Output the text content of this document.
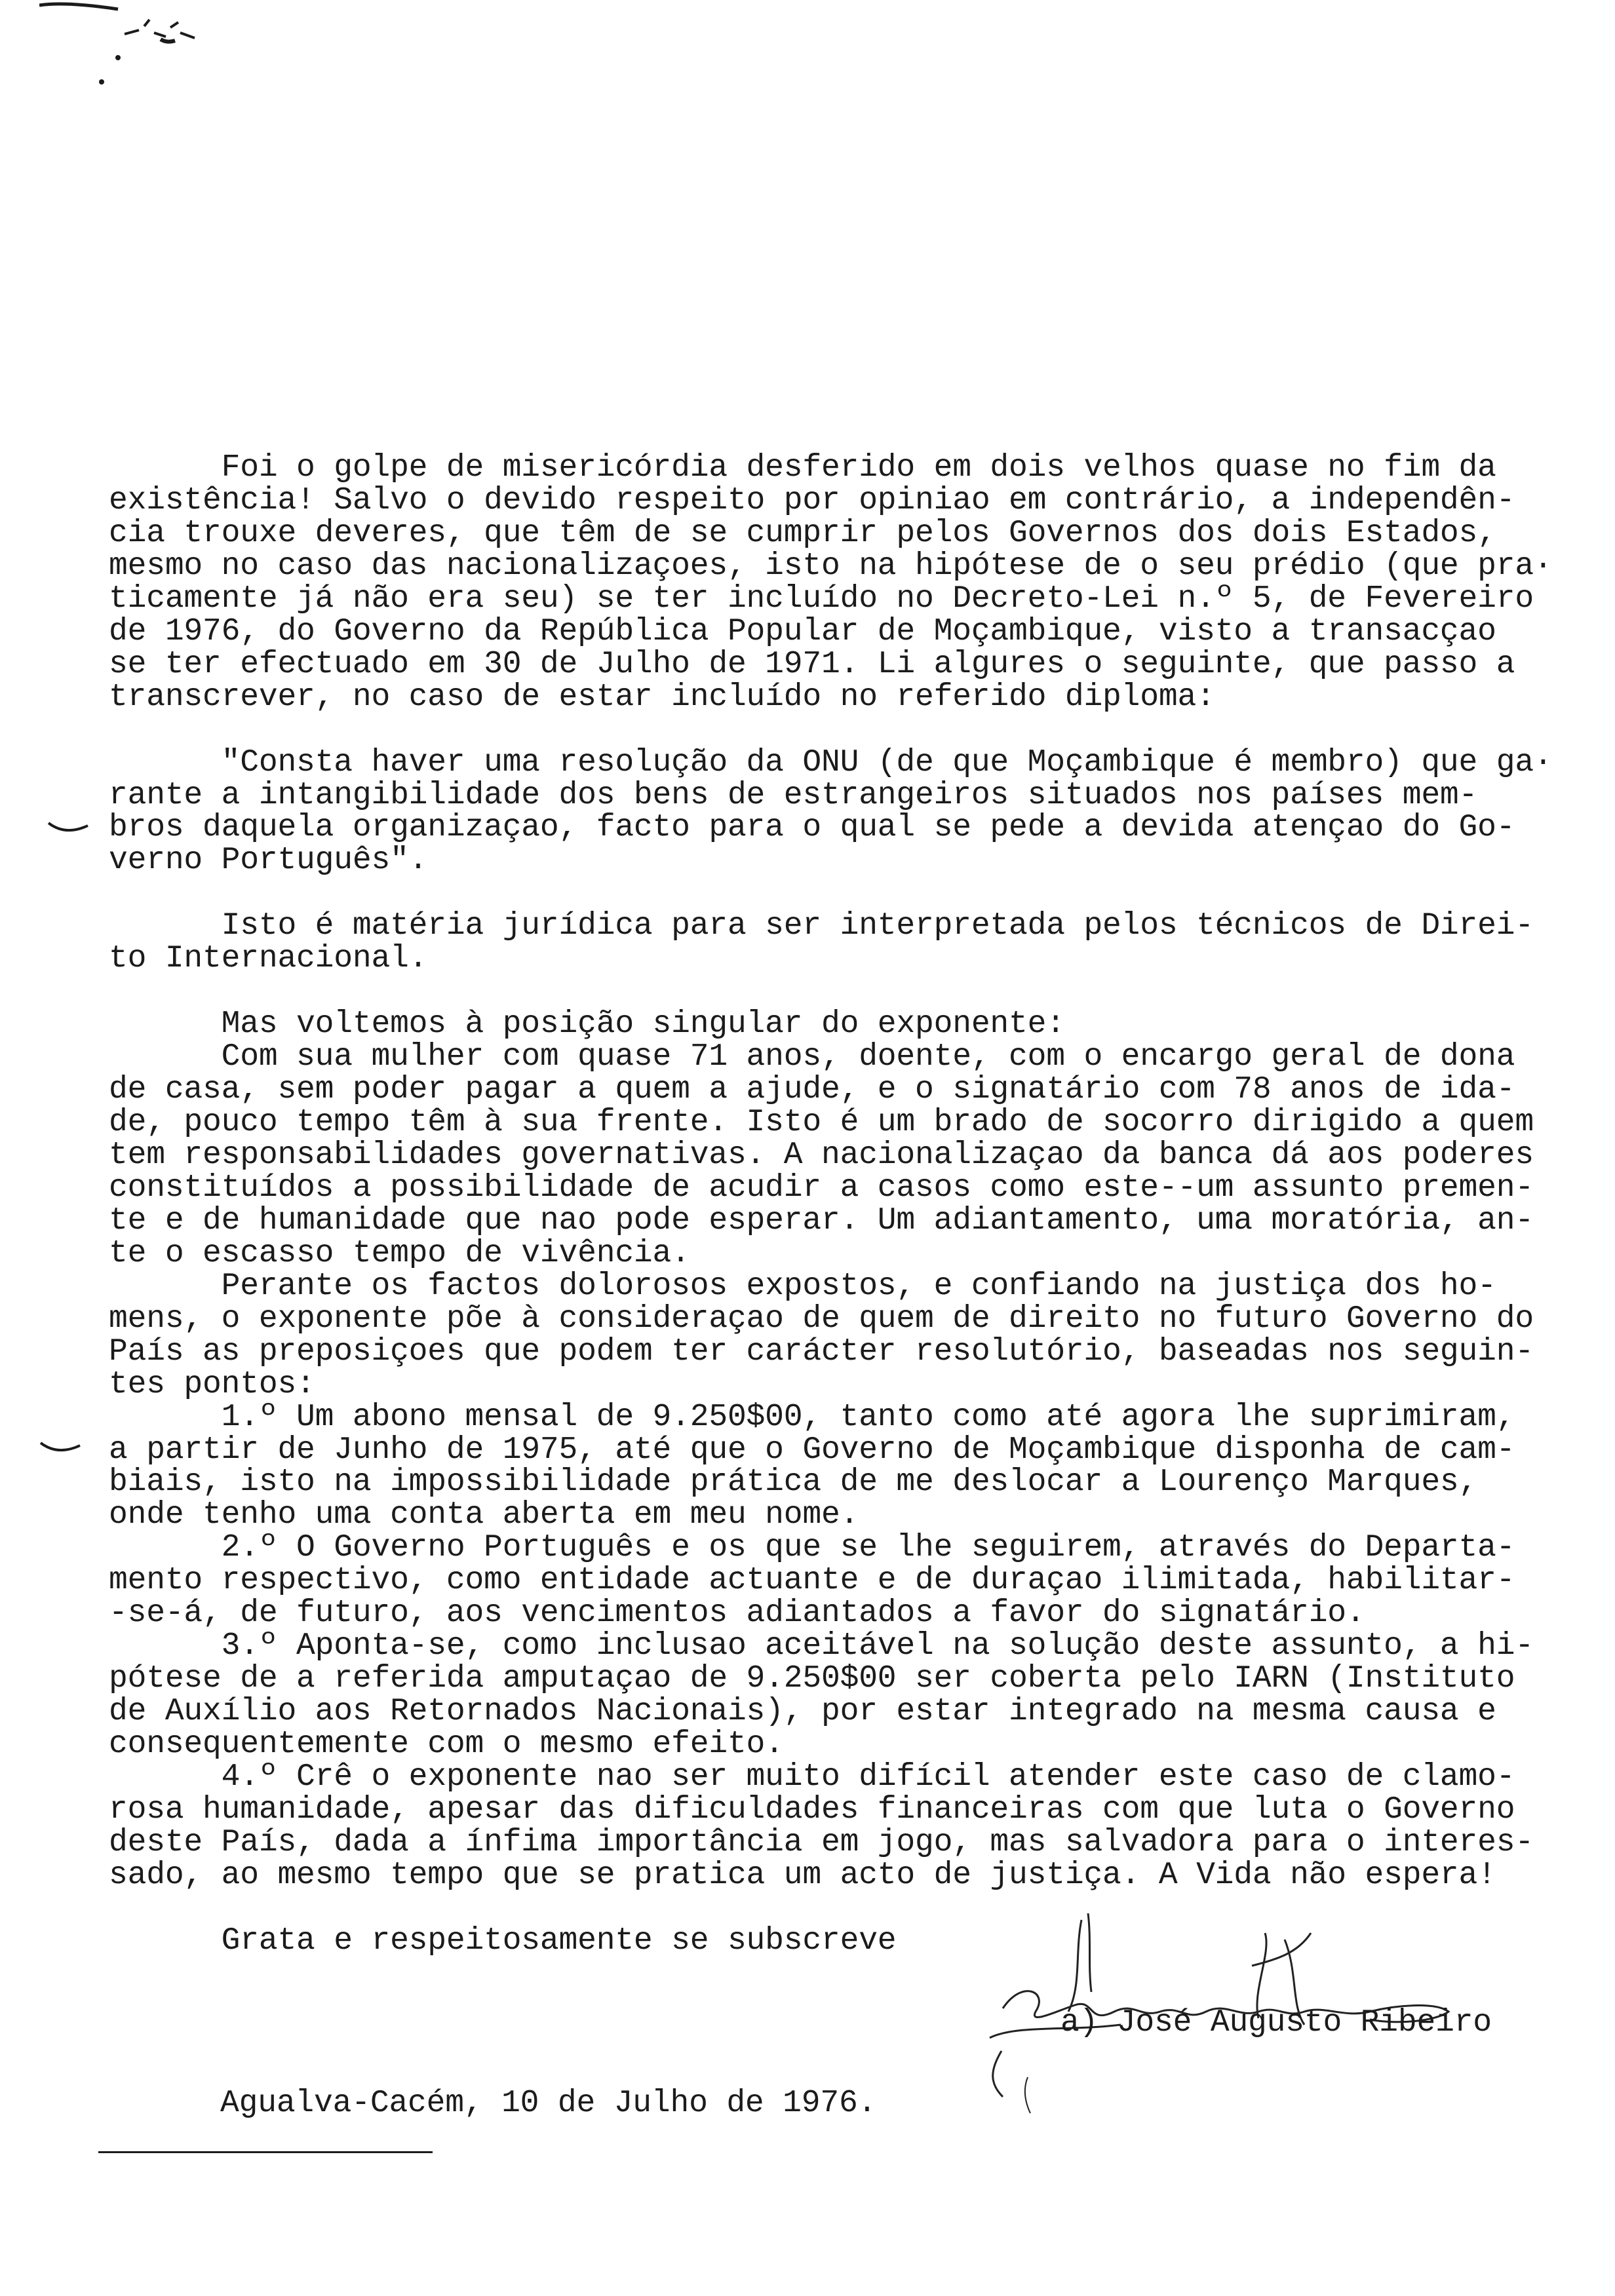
Foi o golpe de misericórdia desferido em dois velhos quase no fim da
existência! Salvo o devido respeito por opiniao em contrário, a independên-
cia trouxe deveres, que têm de se cumprir pelos Governos dos dois Estados,
mesmo no caso das nacionalizaçoes, isto na hipótese de o seu prédio (que pra·
ticamente já não era seu) se ter incluído no Decreto-Lei n.º 5, de Fevereiro
de 1976, do Governo da República Popular de Moçambique, visto a transacçao
se ter efectuado em 30 de Julho de 1971. Li algures o seguinte, que passo a
transcrever, no caso de estar incluído no referido diploma:
"Consta haver uma resolução da ONU (de que Moçambique é membro) que ga·
rante a intangibilidade dos bens de estrangeiros situados nos países mem-
bros daquela organizaçao, facto para o qual se pede a devida atençao do Go-
verno Português".
Isto é matéria jurídica para ser interpretada pelos técnicos de Direi-
to Internacional.
Mas voltemos à posição singular do exponente:
Com sua mulher com quase 71 anos, doente, com o encargo geral de dona
de casa, sem poder pagar a quem a ajude, e o signatário com 78 anos de ida-
de, pouco tempo têm à sua frente. Isto é um brado de socorro dirigido a quem
tem responsabilidades governativas. A nacionalizaçao da banca dá aos poderes
constituídos a possibilidade de acudir a casos como este--um assunto premen-
te e de humanidade que nao pode esperar. Um adiantamento, uma moratória, an-
te o escasso tempo de vivência.
Perante os factos dolorosos expostos, e confiando na justiça dos ho-
mens, o exponente põe à consideraçao de quem de direito no futuro Governo do
País as preposiçoes que podem ter carácter resolutório, baseadas nos seguin-
tes pontos:
1.º Um abono mensal de 9.250$00, tanto como até agora lhe suprimiram,
a partir de Junho de 1975, até que o Governo de Moçambique disponha de cam-
biais, isto na impossibilidade prática de me deslocar a Lourenço Marques,
onde tenho uma conta aberta em meu nome.
2.º O Governo Português e os que se lhe seguirem, através do Departa-
mento respectivo, como entidade actuante e de duraçao ilimitada, habilitar-
-se-á, de futuro, aos vencimentos adiantados a favor do signatário.
3.º Aponta-se, como inclusao aceitável na solução deste assunto, a hi-
pótese de a referida amputaçao de 9.250$00 ser coberta pelo IARN (Instituto
de Auxílio aos Retornados Nacionais), por estar integrado na mesma causa e
consequentemente com o mesmo efeito.
4.º Crê o exponente nao ser muito difícil atender este caso de clamo-
rosa humanidade, apesar das dificuldades financeiras com que luta o Governo
deste País, dada a ínfima importância em jogo, mas salvadora para o interes-
sado, ao mesmo tempo que se pratica um acto de justiça. A Vida não espera!
Grata e respeitosamente se subscreve
a) José Augusto Ribeiro
Agualva-Cacém, 10 de Julho de 1976.
